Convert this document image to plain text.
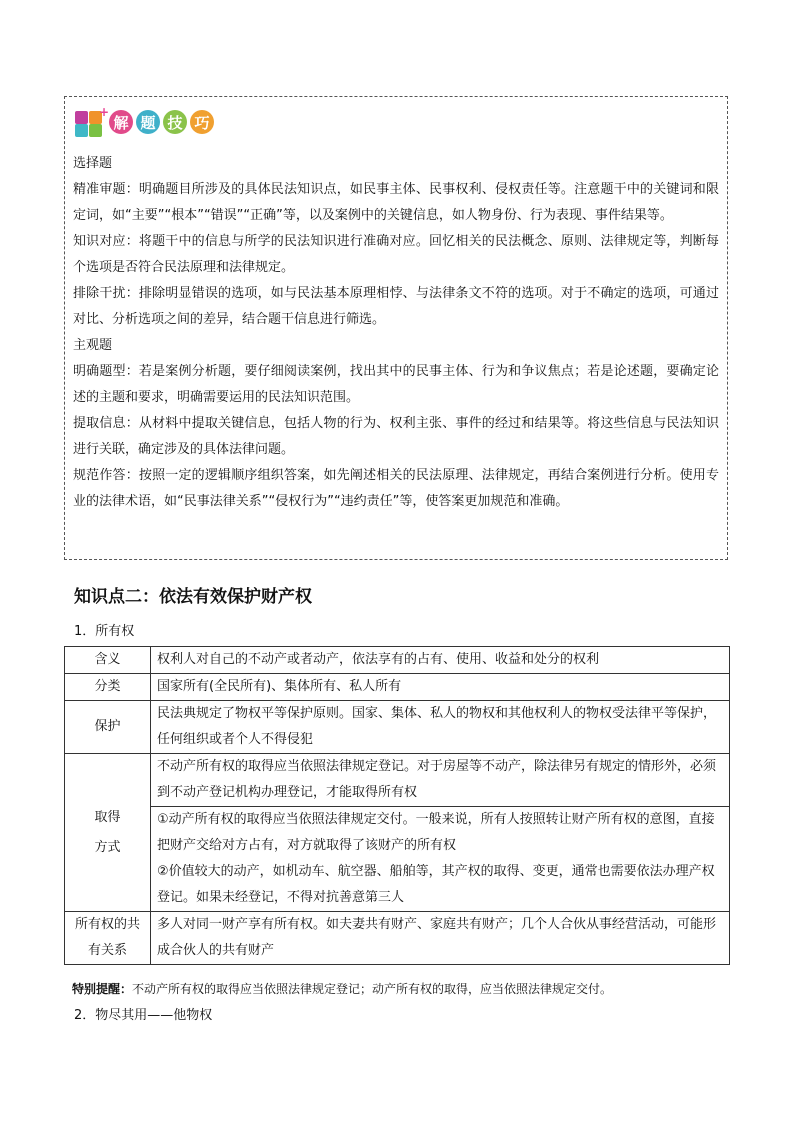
+
解 题 技 巧

选择题

精准审题：明确题目所涉及的具体民法知识点，如民事主体、民事权利、侵权责任等。注意题干中的关键词和限定词，如“主要”“根本”“错误”“正确”等，以及案例中的关键信息，如人物身份、行为表现、事件结果等。

知识对应：将题干中的信息与所学的民法知识进行准确对应。回忆相关的民法概念、原则、法律规定等，判断每个选项是否符合民法原理和法律规定。

排除干扰：排除明显错误的选项，如与民法基本原理相悖、与法律条文不符的选项。对于不确定的选项，可通过对比、分析选项之间的差异，结合题干信息进行筛选。

主观题

明确题型：若是案例分析题，要仔细阅读案例，找出其中的民事主体、行为和争议焦点；若是论述题，要确定论述的主题和要求，明确需要运用的民法知识范围。

提取信息：从材料中提取关键信息，包括人物的行为、权利主张、事件的经过和结果等。将这些信息与民法知识进行关联，确定涉及的具体法律问题。

规范作答：按照一定的逻辑顺序组织答案，如先阐述相关的民法原理、法律规定，再结合案例进行分析。使用专业的法律术语，如“民事法律关系”“侵权行为”“违约责任”等，使答案更加规范和准确。

知识点二：依法有效保护财产权

1．所有权

含义	权利人对自己的不动产或者动产，依法享有的占有、使用、收益和处分的权利
分类	国家所有(全民所有)、集体所有、私人所有
保护	民法典规定了物权平等保护原则。国家、集体、私人的物权和其他权利人的物权受法律平等保护，任何组织或者个人不得侵犯
取得
方式	不动产所有权的取得应当依照法律规定登记。对于房屋等不动产，除法律另有规定的情形外，必须到不动产登记机构办理登记，才能取得所有权
	①动产所有权的取得应当依照法律规定交付。一般来说，所有人按照转让财产所有权的意图，直接把财产交给对方占有，对方就取得了该财产的所有权
②价值较大的动产，如机动车、航空器、船舶等，其产权的取得、变更，通常也需要依法办理产权登记。如果未经登记，不得对抗善意第三人
所有权的共
有关系	多人对同一财产享有所有权。如夫妻共有财产、家庭共有财产；几个人合伙从事经营活动，可能形成合伙人的共有财产

特别提醒：不动产所有权的取得应当依照法律规定登记；动产所有权的取得，应当依照法律规定交付。

2．物尽其用——他物权
